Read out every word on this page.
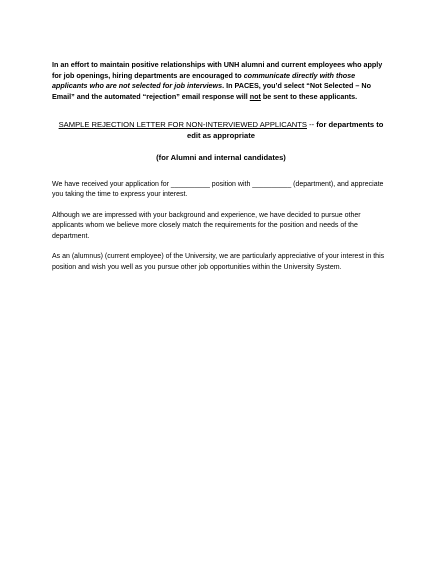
In an effort to maintain positive relationships with UNH alumni and current employees who apply for job openings, hiring departments are encouraged to communicate directly with those applicants who are not selected for job interviews. In PACES, you’d select “Not Selected – No Email” and the automated “rejection” email response will not be sent to these applicants.

SAMPLE REJECTION LETTER FOR NON-INTERVIEWED APPLICANTS -- for departments to edit as appropriate

(for Alumni and internal candidates)

We have received your application for __________ position with __________ (department), and appreciate you taking the time to express your interest.

Although we are impressed with your background and experience, we have decided to pursue other applicants whom we believe more closely match the requirements for the position and needs of the department.

As an (alumnus) (current employee) of the University, we are particularly appreciative of your interest in this position and wish you well as you pursue other job opportunities within the University System.
